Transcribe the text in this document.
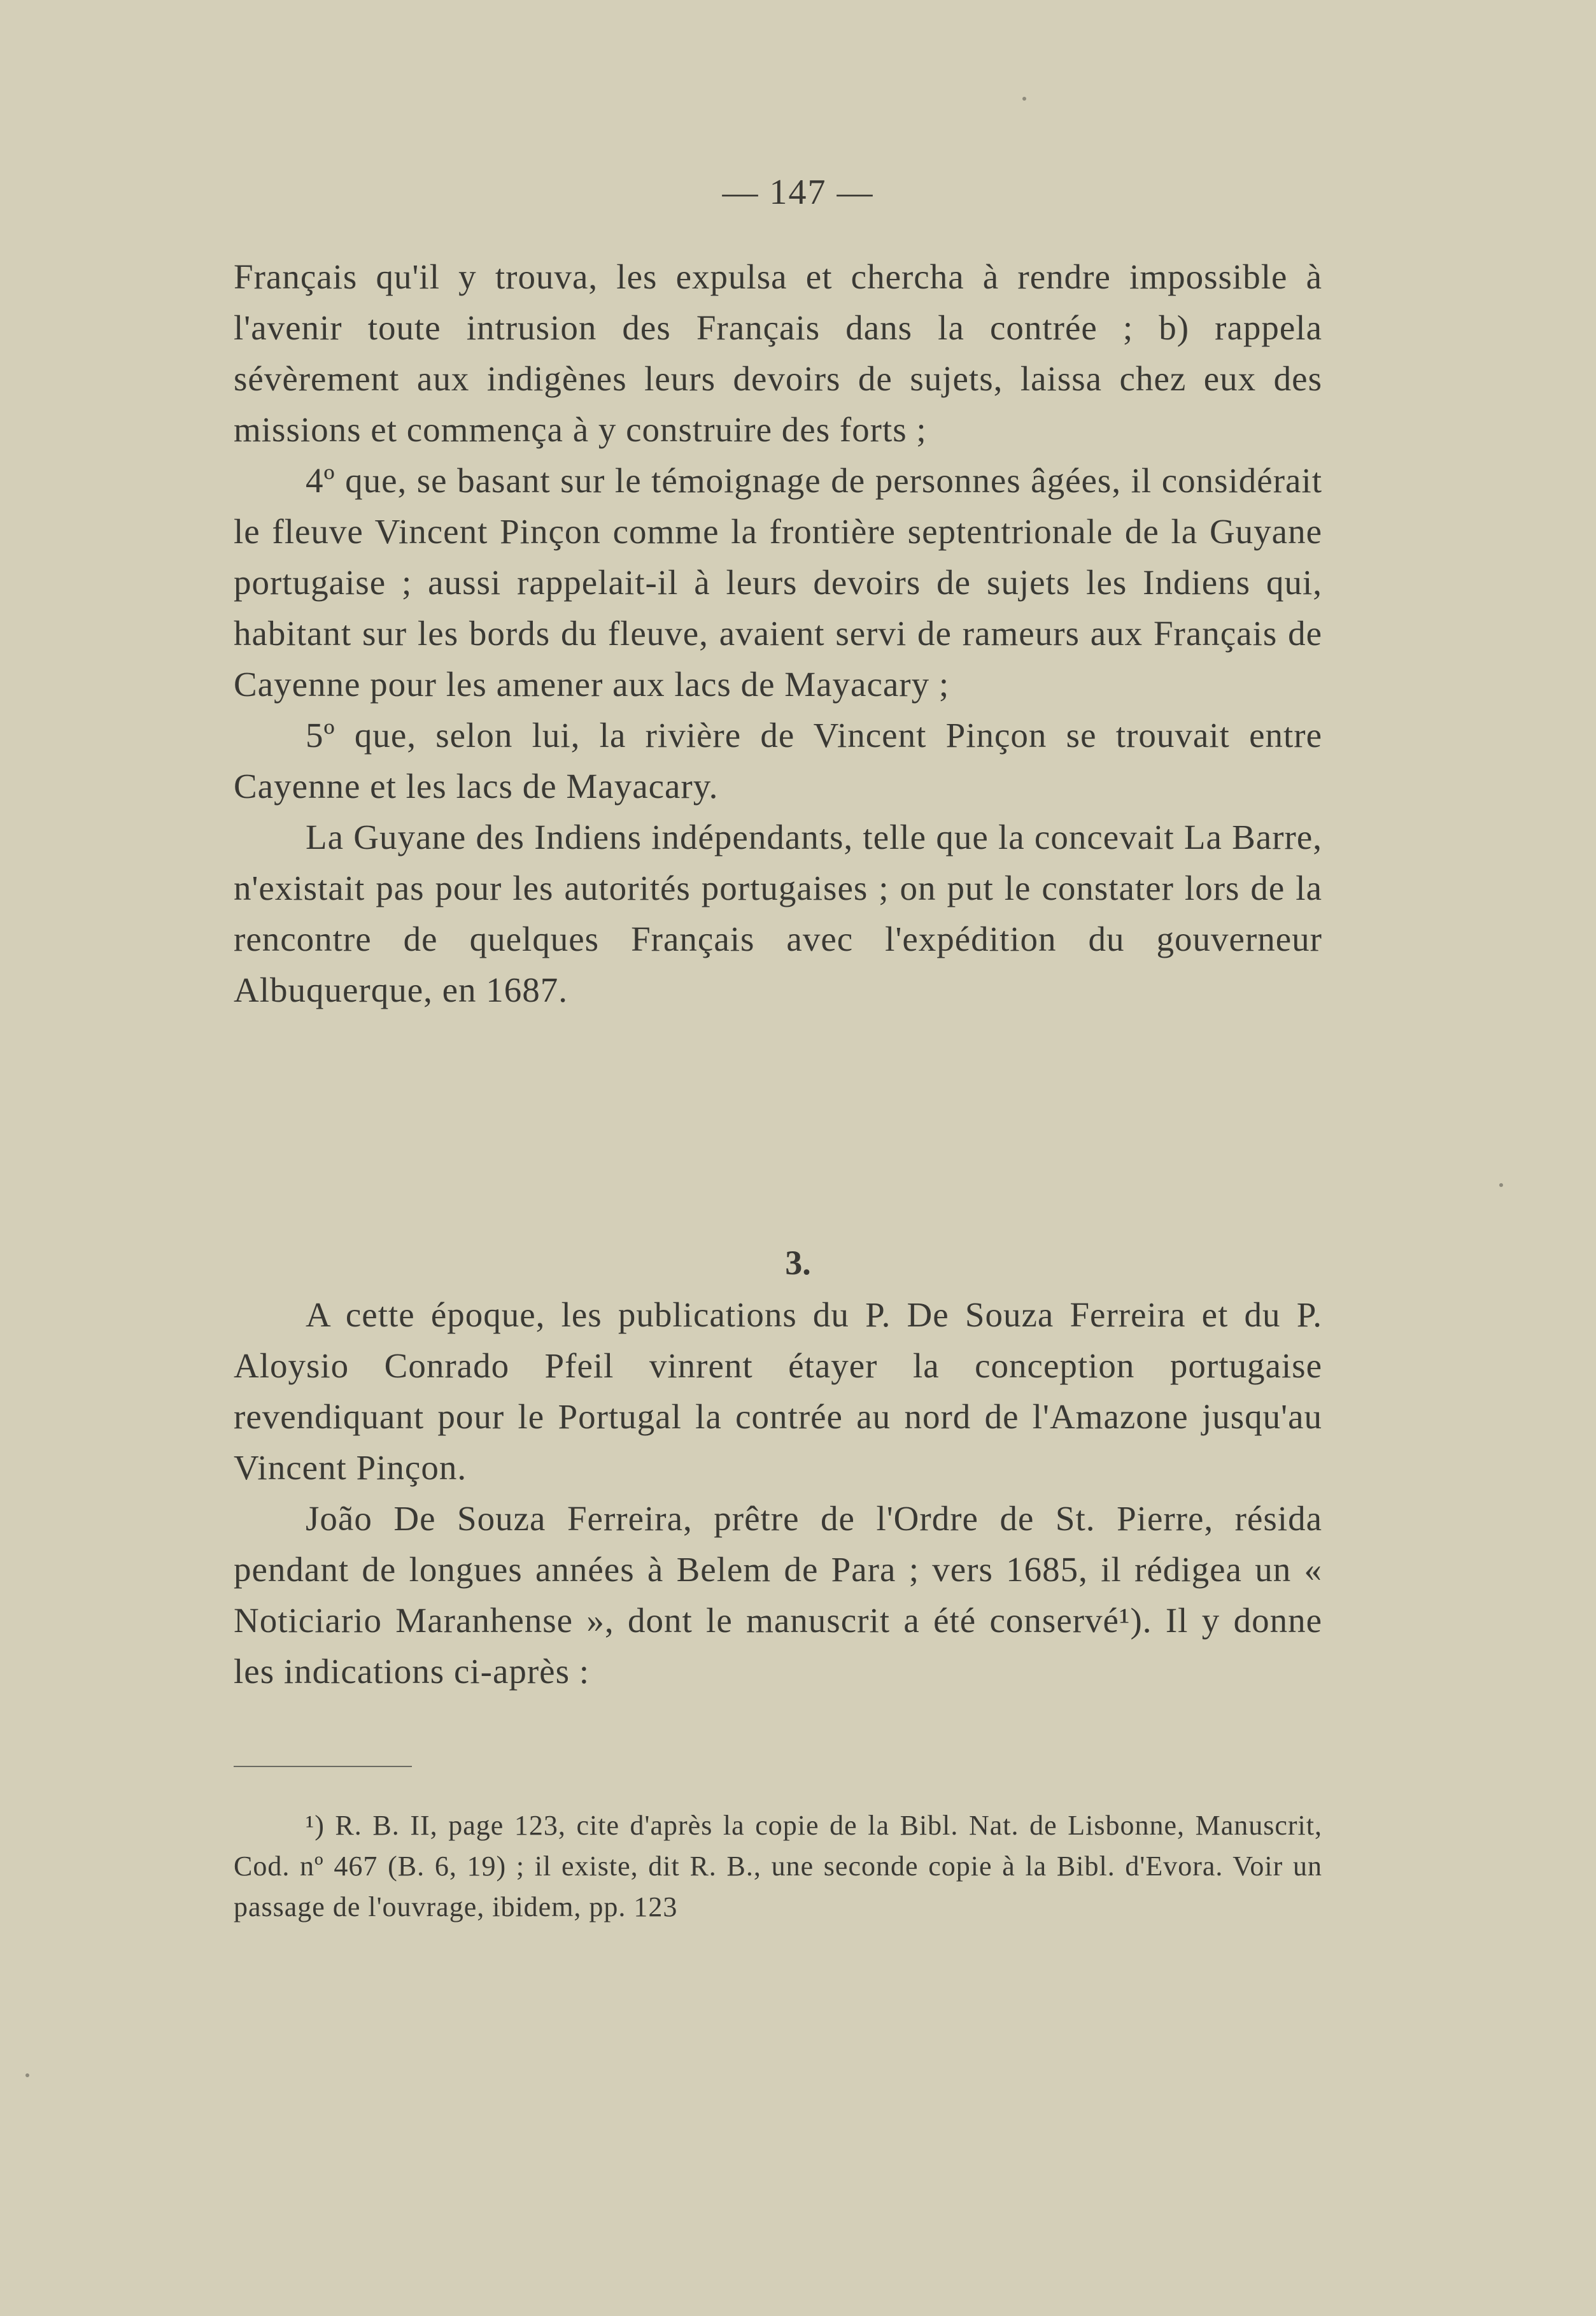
— 147 —

Français qu'il y trouva, les expulsa et chercha à rendre impossible à l'avenir toute intrusion des Français dans la contrée ; b) rappela sévèrement aux indigènes leurs devoirs de sujets, laissa chez eux des missions et commença à y construire des forts ;

4º que, se basant sur le témoignage de personnes âgées, il considérait le fleuve Vincent Pinçon comme la frontière septentrionale de la Guyane portugaise ; aussi rappelait-il à leurs devoirs de sujets les Indiens qui, habitant sur les bords du fleuve, avaient servi de rameurs aux Français de Cayenne pour les amener aux lacs de Mayacary ;

5º que, selon lui, la rivière de Vincent Pinçon se trouvait entre Cayenne et les lacs de Mayacary.

La Guyane des Indiens indépendants, telle que la concevait La Barre, n'existait pas pour les autorités portugaises ; on put le constater lors de la rencontre de quelques Français avec l'expédition du gouverneur Albuquerque, en 1687.

3.

A cette époque, les publications du P. De Souza Ferreira et du P. Aloysio Conrado Pfeil vinrent étayer la conception portugaise revendiquant pour le Portugal la contrée au nord de l'Amazone jusqu'au Vincent Pinçon.

João De Souza Ferreira, prêtre de l'Ordre de St. Pierre, résida pendant de longues années à Belem de Para ; vers 1685, il rédigea un « Noticiario Maranhense », dont le manuscrit a été conservé¹). Il y donne les indications ci-après :

¹) R. B. II, page 123, cite d'après la copie de la Bibl. Nat. de Lisbonne, Manuscrit, Cod. nº 467 (B. 6, 19) ; il existe, dit R. B., une seconde copie à la Bibl. d'Evora. Voir un passage de l'ouvrage, ibidem, pp. 123
